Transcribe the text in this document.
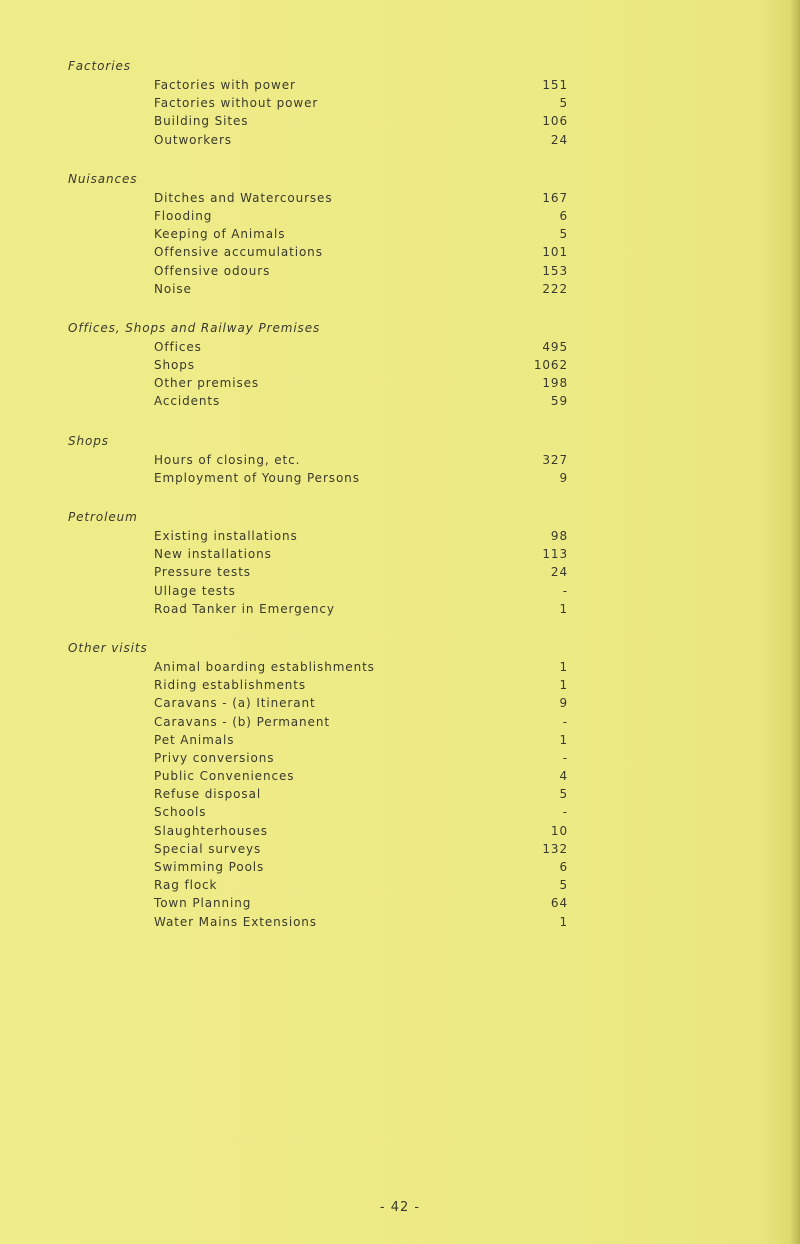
Factories
Factories with power	151
Factories without power	5
Building Sites	106
Outworkers	24
Nuisances
Ditches and Watercourses	167
Flooding	6
Keeping of Animals	5
Offensive accumulations	101
Offensive odours	153
Noise	222
Offices, Shops and Railway Premises
Offices	495
Shops	1062
Other premises	198
Accidents	59
Shops
Hours of closing, etc.	327
Employment of Young Persons	9
Petroleum
Existing installations	98
New installations	113
Pressure tests	24
Ullage tests	-
Road Tanker in Emergency	1
Other visits
Animal boarding establishments	1
Riding establishments	1
Caravans - (a) Itinerant	9
Caravans - (b) Permanent	-
Pet Animals	1
Privy conversions	-
Public Conveniences	4
Refuse disposal	5
Schools	-
Slaughterhouses	10
Special surveys	132
Swimming Pools	6
Rag flock	5
Town Planning	64
Water Mains Extensions	1
- 42 -
